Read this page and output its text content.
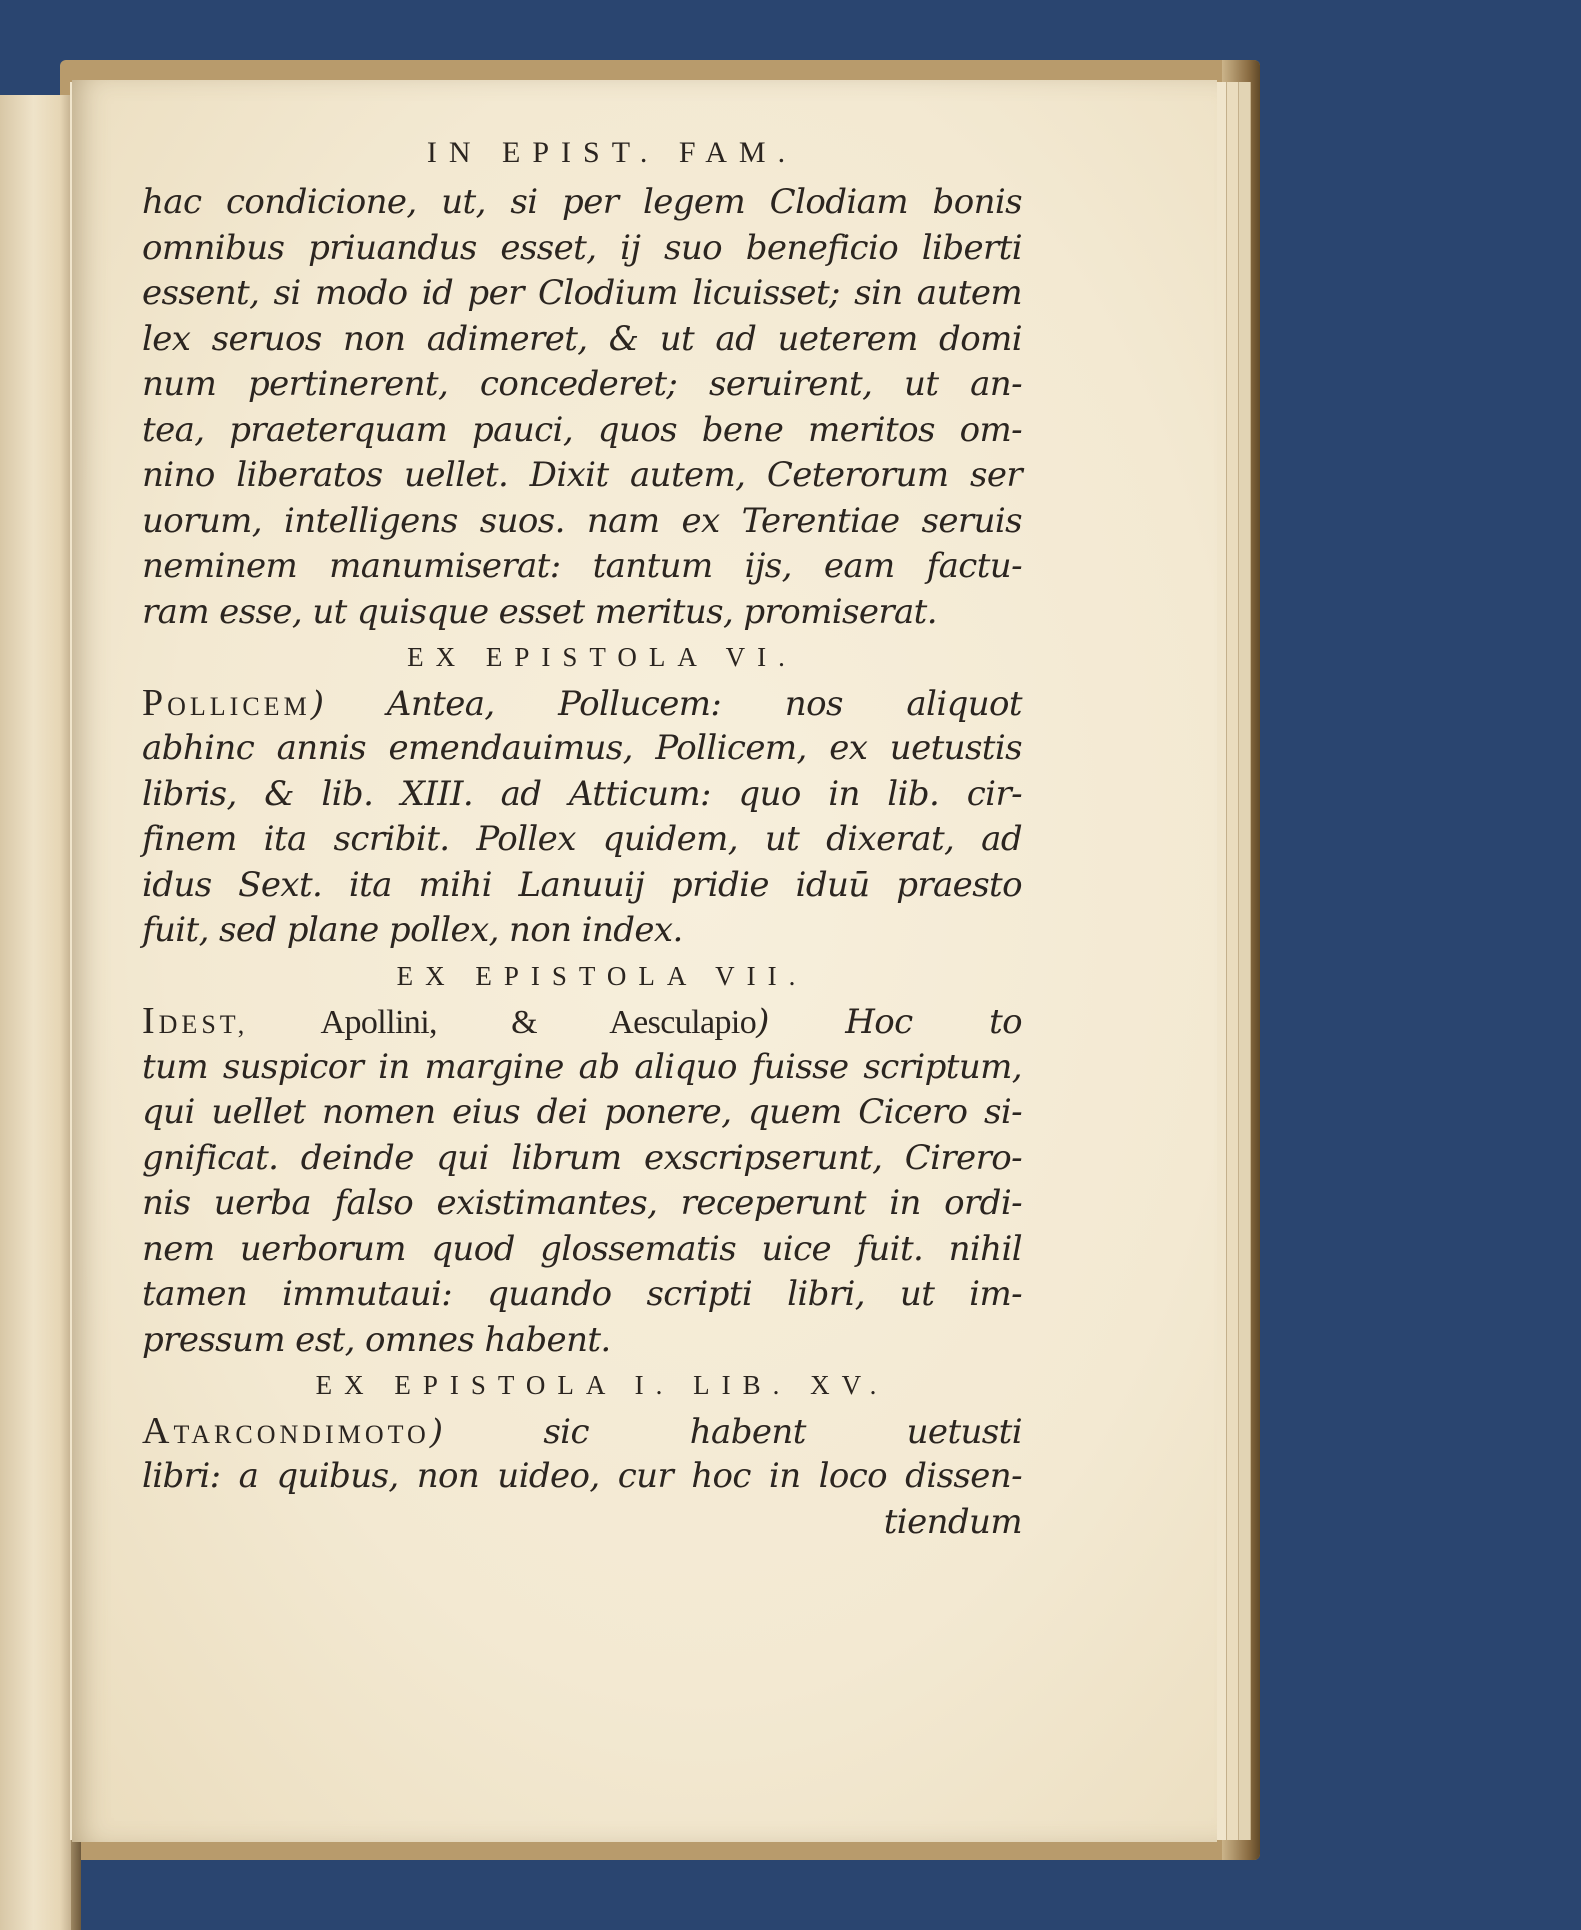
IN EPIST. FAM.
hac condicione, ut, si per legem Clodiam bonis
omnibus priuandus esset, ij suo beneficio liberti
essent, si modo id per Clodium licuisset; sin autem
lex seruos non adimeret, & ut ad ueterem domi
num pertinerent, concederet; seruirent, ut an-
tea, praeterquam pauci, quos bene meritos om-
nino liberatos uellet. Dixit autem, Ceterorum ser
uorum, intelligens suos. nam ex Terentiae seruis
neminem manumiserat: tantum ijs, eam factu-
ram esse, ut quisque esset meritus, promiserat.
EX EPISTOLA VI.
POLLICEM) Antea, Pollucem: nos aliquot
abhinc annis emendauimus, Pollicem, ex uetustis
libris, & lib. XIII. ad Atticum: quo in lib. cir-
finem ita scribit. Pollex quidem, ut dixerat, ad
idus Sext. ita mihi Lanuuij pridie iduū praesto
fuit, sed plane pollex, non index.
EX EPISTOLA VII.
IDEST, Apollini, & Aesculapio) Hoc to
tum suspicor in margine ab aliquo fuisse scriptum,
qui uellet nomen eius dei ponere, quem Cicero si-
gnificat. deinde qui librum exscripserunt, Cirero-
nis uerba falso existimantes, receperunt in ordi-
nem uerborum quod glossematis uice fuit. nihil
tamen immutaui: quando scripti libri, ut im-
pressum est, omnes habent.
EX EPISTOLA I. LIB. XV.
ATARCONDIMOTO) sic habent uetusti
libri: a quibus, non uideo, cur hoc in loco dissen-
tiendum
